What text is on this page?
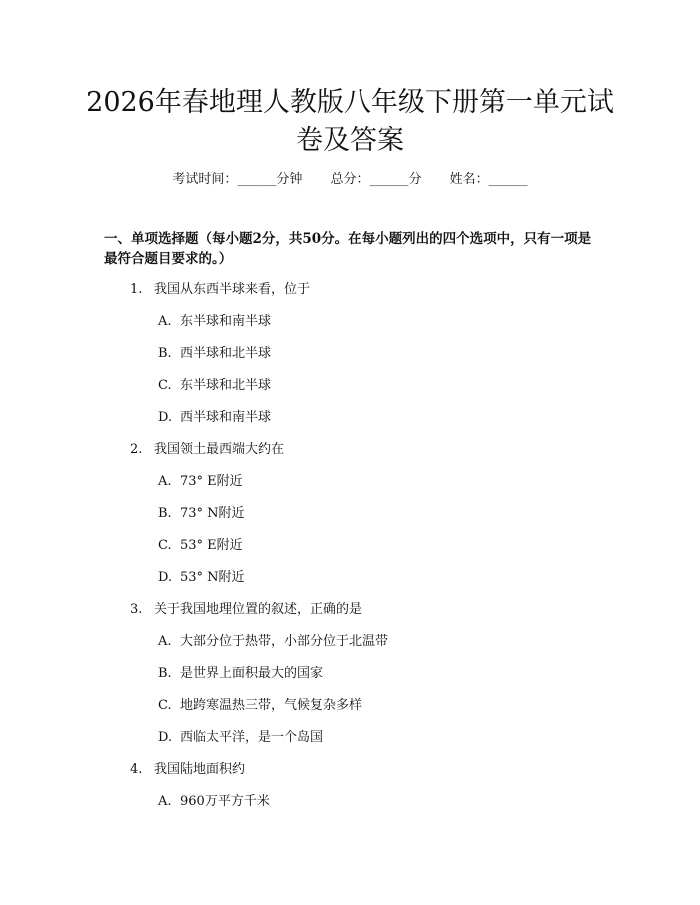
2026年春地理人教版八年级下册第一单元试卷及答案
考试时间：______分钟 总分：______分 姓名：______

一、单项选择题（每小题2分，共50分。在每小题列出的四个选项中，只有一项是最符合题目要求的。）

1. 我国从东西半球来看，位于
A. 东半球和南半球
B. 西半球和北半球
C. 东半球和北半球
D. 西半球和南半球
2. 我国领土最西端大约在
A. 73° E附近
B. 73° N附近
C. 53° E附近
D. 53° N附近
3. 关于我国地理位置的叙述，正确的是
A. 大部分位于热带，小部分位于北温带
B. 是世界上面积最大的国家
C. 地跨寒温热三带，气候复杂多样
D. 西临太平洋，是一个岛国
4. 我国陆地面积约
A. 960万平方千米
